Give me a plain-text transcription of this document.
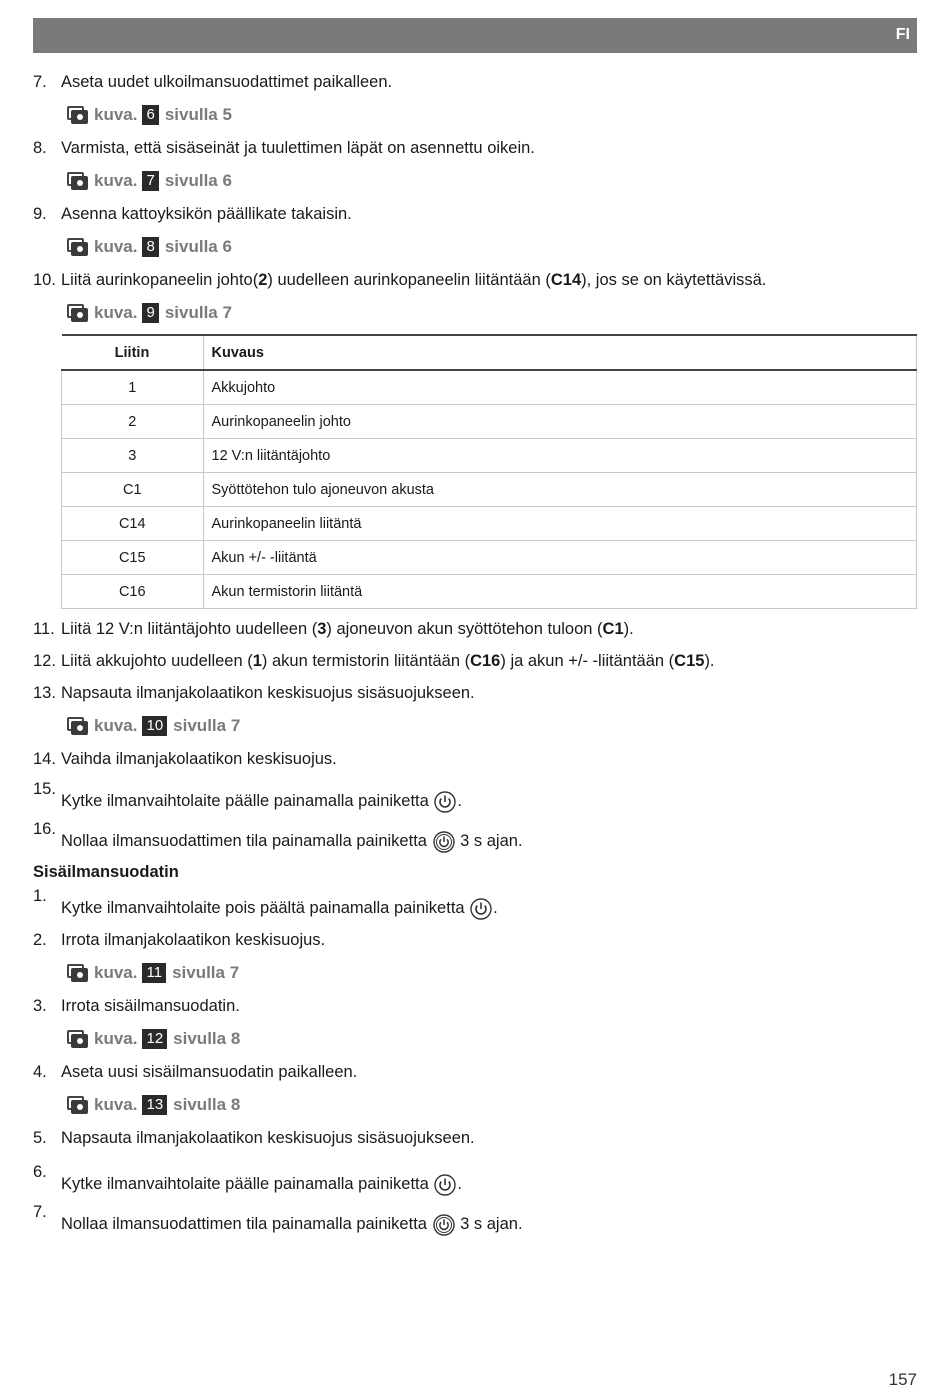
FI
7. Aseta uudet ulkoilmansuodattimet paikalleen.
kuva. 6 sivulla 5
8. Varmista, että sisäseinät ja tuulettimen läpät on asennettu oikein.
kuva. 7 sivulla 6
9. Asenna kattoyksikön päällikate takaisin.
kuva. 8 sivulla 6
10. Liitä aurinkopaneelin johto(2) uudelleen aurinkopaneelin liitäntään (C14), jos se on käytettävissä.
kuva. 9 sivulla 7
Liitin	Kuvaus
1	Akkujohto
2	Aurinkopaneelin johto
3	12 V:n liitäntäjohto
C1	Syöttötehon tulo ajoneuvon akusta
C14	Aurinkopaneelin liitäntä
C15	Akun +/- -liitäntä
C16	Akun termistorin liitäntä
11. Liitä 12 V:n liitäntäjohto uudelleen (3) ajoneuvon akun syöttötehon tuloon (C1).
12. Liitä akkujohto uudelleen (1) akun termistorin liitäntään (C16) ja akun +/- -liitäntään (C15).
13. Napsauta ilmanjakolaatikon keskisuojus sisäsuojukseen.
kuva. 10 sivulla 7
14. Vaihda ilmanjakolaatikon keskisuojus.
15.
Kytke ilmanvaihtolaite päälle painamalla painiketta .
16.
Nollaa ilmansuodattimen tila painamalla painiketta 3 s ajan.
Sisäilmansuodatin
1.
Kytke ilmanvaihtolaite pois päältä painamalla painiketta .
2. Irrota ilmanjakolaatikon keskisuojus.
kuva. 11 sivulla 7
3. Irrota sisäilmansuodatin.
kuva. 12 sivulla 8
4. Aseta uusi sisäilmansuodatin paikalleen.
kuva. 13 sivulla 8
5. Napsauta ilmanjakolaatikon keskisuojus sisäsuojukseen.
6.
Kytke ilmanvaihtolaite päälle painamalla painiketta .
7.
Nollaa ilmansuodattimen tila painamalla painiketta 3 s ajan.
157
